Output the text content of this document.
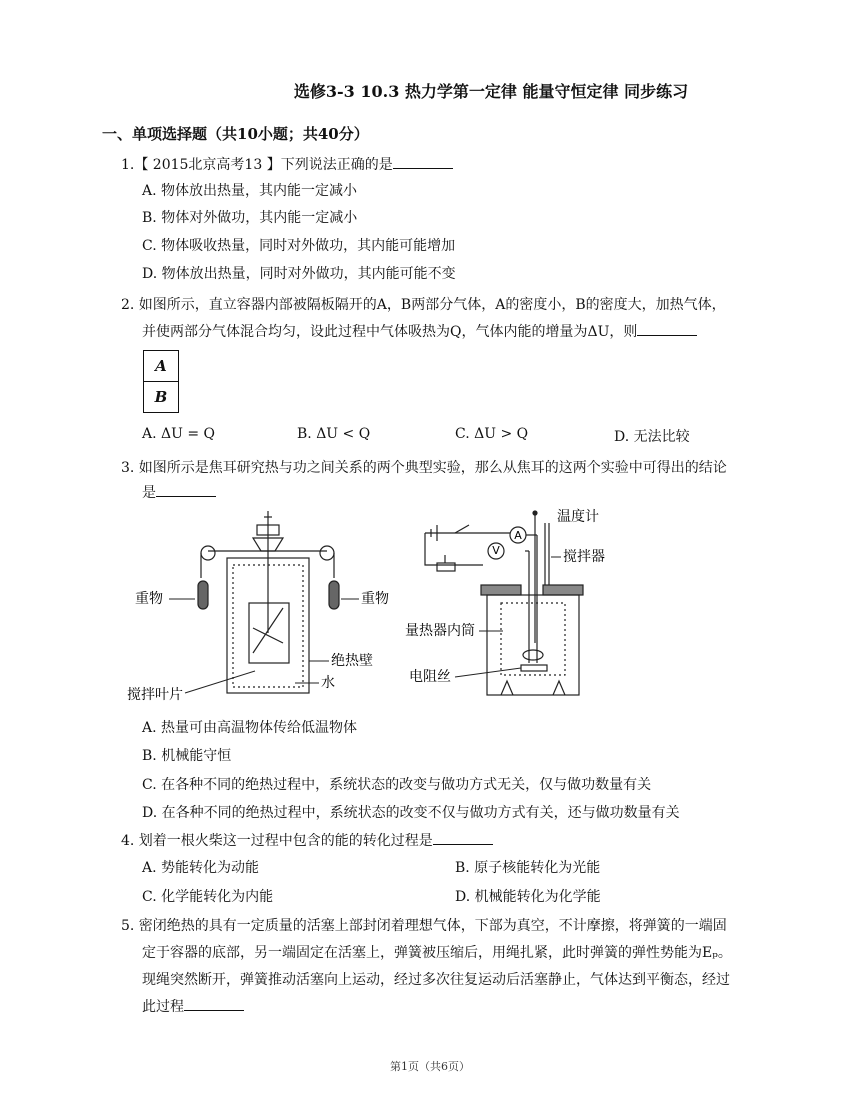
选修3-3 10.3 热力学第一定律 能量守恒定律 同步练习
一、单项选择题（共10小题；共40分）
1.【 2015北京高考13 】下列说法正确的是
A. 物体放出热量，其内能一定减小
B. 物体对外做功，其内能一定减小
C. 物体吸收热量，同时对外做功，其内能可能增加
D. 物体放出热量，同时对外做功，其内能可能不变
2. 如图所示，直立容器内部被隔板隔开的A，B两部分气体，A的密度小，B的密度大，加热气体，
并使两部分气体混合均匀，设此过程中气体吸热为Q，气体内能的增量为ΔU，则
A
B
A. ΔU = Q	B. ΔU < Q	C. ΔU > Q	D. 无法比较
3. 如图所示是焦耳研究热与功之间关系的两个典型实验，那么从焦耳的这两个实验中可得出的结论
是
重物	重物
绝热壁
水
搅拌叶片
V
A
温度计
搅拌器
量热器内筒
电阻丝
A. 热量可由高温物体传给低温物体
B. 机械能守恒
C. 在各种不同的绝热过程中，系统状态的改变与做功方式无关，仅与做功数量有关
D. 在各种不同的绝热过程中，系统状态的改变不仅与做功方式有关，还与做功数量有关
4. 划着一根火柴这一过程中包含的能的转化过程是
A. 势能转化为动能	B. 原子核能转化为光能
C. 化学能转化为内能	D. 机械能转化为化学能
5. 密闭绝热的具有一定质量的活塞上部封闭着理想气体，下部为真空，不计摩擦，将弹簧的一端固
定于容器的底部，另一端固定在活塞上，弹簧被压缩后，用绳扎紧，此时弹簧的弹性势能为Eₚ。
现绳突然断开，弹簧推动活塞向上运动，经过多次往复运动后活塞静止，气体达到平衡态，经过
此过程
第1页（共6页）
